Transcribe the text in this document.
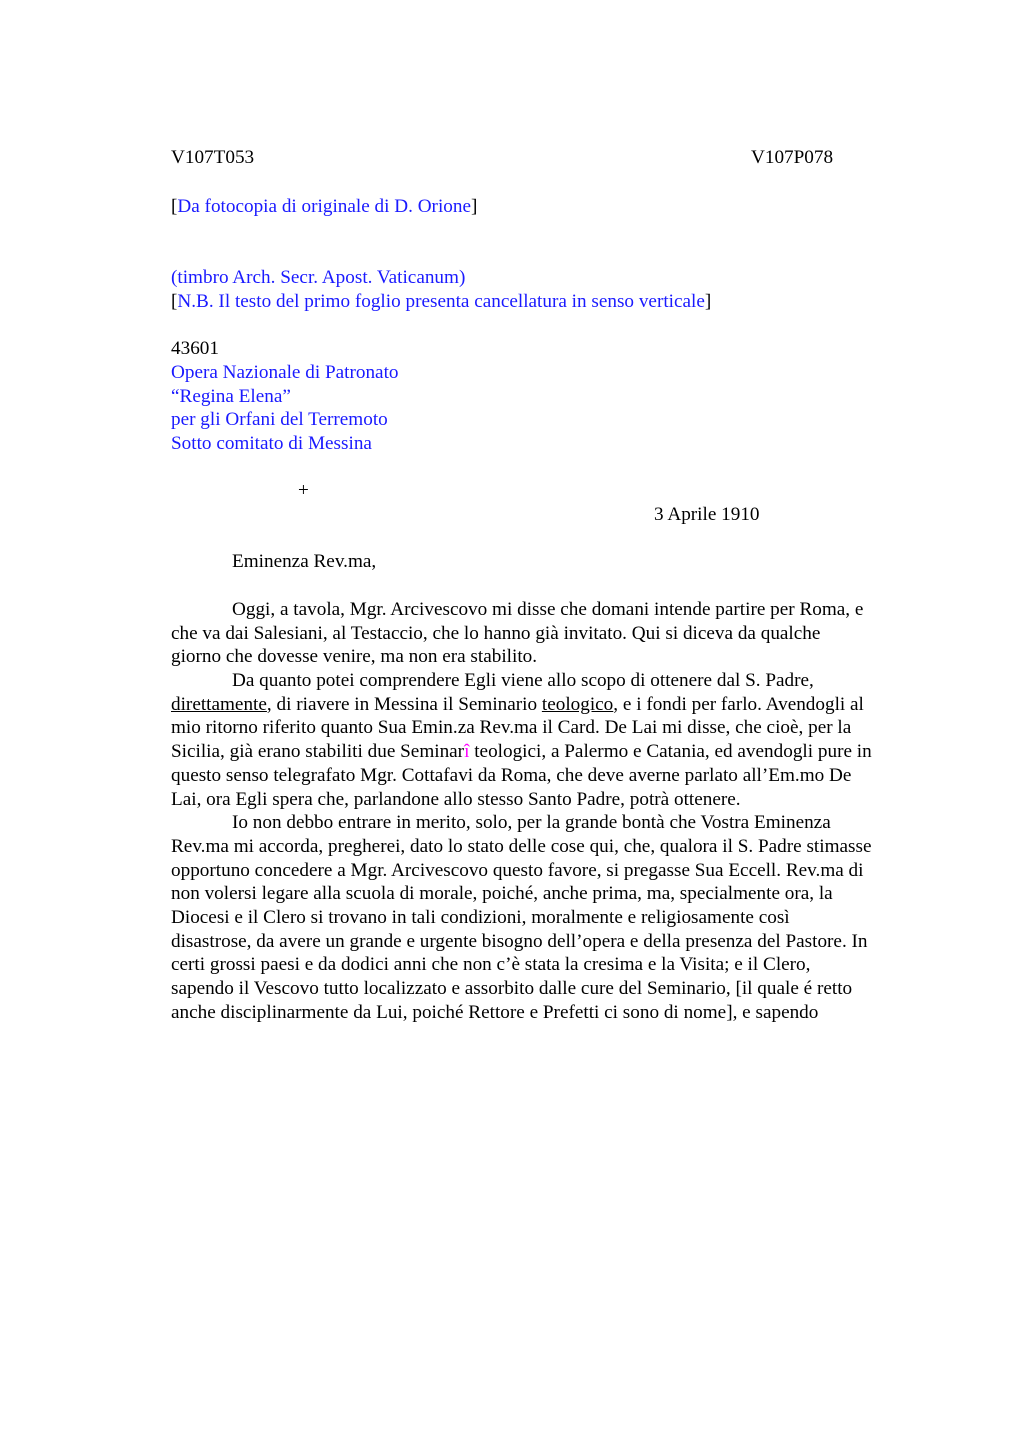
V107T053	V107P078
[Da fotocopia di originale di D. Orione]
(timbro Arch. Secr. Apost. Vaticanum)
[N.B. Il testo del primo foglio presenta cancellatura in senso verticale]
43601
Opera Nazionale di Patronato
“Regina Elena”
per gli Orfani del Terremoto
Sotto comitato di Messina
+
3 Aprile 1910
Eminenza Rev.ma,
Oggi, a tavola, Mgr. Arcivescovo mi disse che domani intende partire per Roma, e
che va dai Salesiani, al Testaccio, che lo hanno già invitato. Qui si diceva da qualche
giorno che dovesse venire, ma non era stabilito.
Da quanto potei comprendere Egli viene allo scopo di ottenere dal S. Padre,
direttamente, di riavere in Messina il Seminario teologico, e i fondi per farlo. Avendogli al
mio ritorno riferito quanto Sua Emin.za Rev.ma il Card. De Lai mi disse, che cioè, per la
Sicilia, già erano stabiliti due Seminarî teologici, a Palermo e Catania, ed avendogli pure in
questo senso telegrafato Mgr. Cottafavi da Roma, che deve averne parlato all’Em.mo De
Lai, ora Egli spera che, parlandone allo stesso Santo Padre, potrà ottenere.
Io non debbo entrare in merito, solo, per la grande bontà che Vostra Eminenza
Rev.ma mi accorda, pregherei, dato lo stato delle cose qui, che, qualora il S. Padre stimasse
opportuno concedere a Mgr. Arcivescovo questo favore, si pregasse Sua Eccell. Rev.ma di
non volersi legare alla scuola di morale, poiché, anche prima, ma, specialmente ora, la
Diocesi e il Clero si trovano in tali condizioni, moralmente e religiosamente così
disastrose, da avere un grande e urgente bisogno dell’opera e della presenza del Pastore. In
certi grossi paesi e da dodici anni che non c’è stata la cresima e la Visita; e il Clero,
sapendo il Vescovo tutto localizzato e assorbito dalle cure del Seminario, [il quale é retto
anche disciplinarmente da Lui, poiché Rettore e Prefetti ci sono di nome], e sapendo
